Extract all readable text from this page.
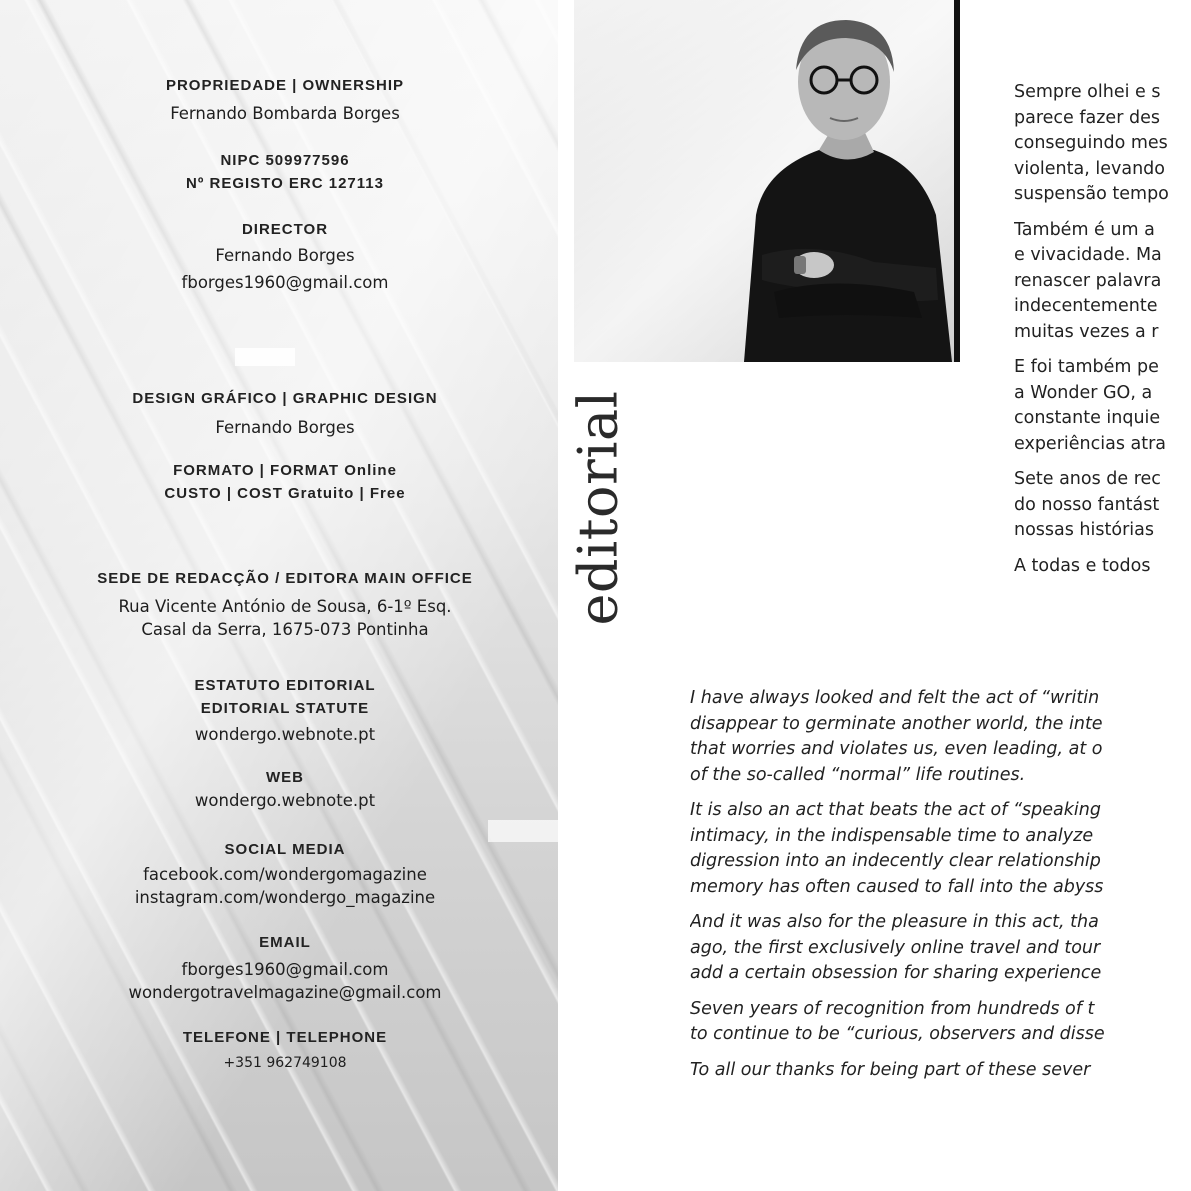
PROPRIEDADE | OWNERSHIP
Fernando Bombarda Borges
NIPC 509977596
Nº REGISTO ERC 127113
DIRECTOR
Fernando Borges
fborges1960@gmail.com
DESIGN GRÁFICO | GRAPHIC DESIGN
Fernando Borges
FORMATO | FORMAT Online
CUSTO | COST Gratuito | Free
SEDE DE REDACÇÃO / EDITORA MAIN OFFICE
Rua Vicente António de Sousa, 6-1º Esq.
Casal da Serra, 1675-073 Pontinha
ESTATUTO EDITORIAL
EDITORIAL STATUTE
wondergo.webnote.pt
WEB
wondergo.webnote.pt
SOCIAL MEDIA
facebook.com/wondergomagazine
instagram.com/wondergo_magazine
EMAIL
fborges1960@gmail.com
wondergotravelmagazine@gmail.com
TELEFONE | TELEPHONE
+351 962749108
editorial

Sempre olhei e s
parece fazer des
conseguindo mes
violenta, levando
suspensão tempo

Também é um a
e vivacidade. Ma
renascer palavra
indecentemente
muitas vezes a r

E foi também pe
a Wonder GO, a
constante inquie
experiências atra

Sete anos de rec
do nosso fantást
nossas histórias

A todas e todos

I have always looked and felt the act of “writin
disappear to germinate another world, the inte
that worries and violates us, even leading, at o
of the so-called “normal” life routines.

It is also an act that beats the act of “speaking
intimacy, in the indispensable time to analyze
digression into an indecently clear relationship
memory has often caused to fall into the abyss

And it was also for the pleasure in this act, tha
ago, the first exclusively online travel and tour
add a certain obsession for sharing experience

Seven years of recognition from hundreds of t
to continue to be “curious, observers and disse

To all our thanks for being part of these sever
